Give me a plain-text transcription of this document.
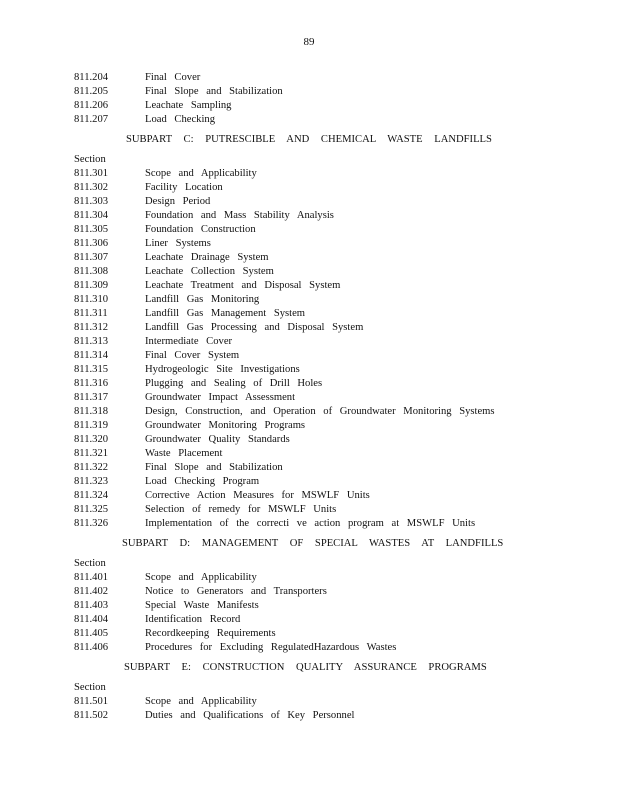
89
811.204	Final Cover
811.205	Final Slope and Stabilization
811.206	Leachate Sampling
811.207	Load Checking
SUBPART C: PUTRESCIBLE AND CHEMICAL WASTE LANDFILLS
Section
811.301	Scope and Applicability
811.302	Facility Location
811.303	Design Period
811.304	Foundation and Mass Stability Analysis
811.305	Foundation Construction
811.306	Liner Systems
811.307	Leachate Drainage System
811.308	Leachate Collection System
811.309	Leachate Treatment and Disposal System
811.310	Landfill Gas Monitoring
811.311	Landfill Gas Management System
811.312	Landfill Gas Processing and Disposal System
811.313	Intermediate Cover
811.314	Final Cover System
811.315	Hydrogeologic Site Investigations
811.316	Plugging and Sealing of Drill Holes
811.317	Groundwater Impact Assessment
811.318	Design, Construction, and Operation of Groundwater Monitoring Systems
811.319	Groundwater Monitoring Programs
811.320	Groundwater Quality Standards
811.321	Waste Placement
811.322	Final Slope and Stabilization
811.323	Load Checking Program
811.324	Corrective Action Measures for MSWLF Units
811.325	Selection of remedy for MSWLF Units
811.326	Implementation of the correcti ve action program at MSWLF Units
SUBPART D: MANAGEMENT OF SPECIAL WASTES AT LANDFILLS
Section
811.401	Scope and Applicability
811.402	Notice to Generators and Transporters
811.403	Special Waste Manifests
811.404	Identification Record
811.405	Recordkeeping Requirements
811.406	Procedures for Excluding RegulatedHazardous Wastes
SUBPART E: CONSTRUCTION QUALITY ASSURANCE PROGRAMS
Section
811.501	Scope and Applicability
811.502	Duties and Qualifications of Key Personnel
